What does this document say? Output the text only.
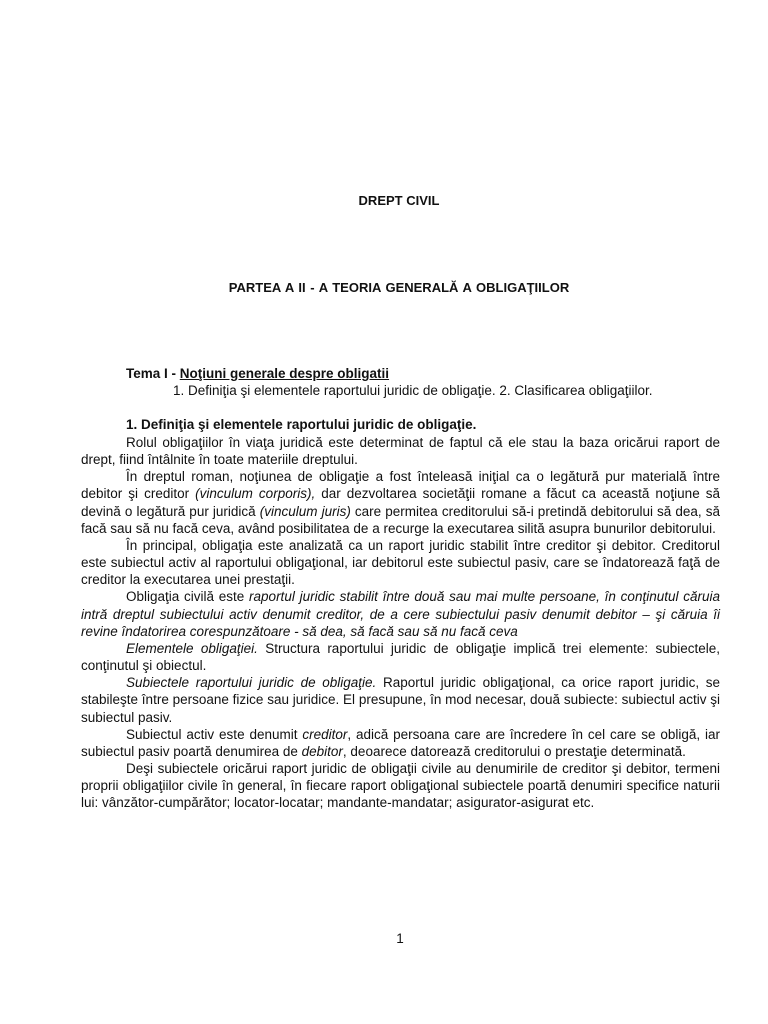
DREPT CIVIL
PARTEA A II - A TEORIA GENERALĂ A OBLIGAŢIILOR
Tema I - Noţiuni generale despre obligatii
1. Definiţia şi elementele raportului juridic de obligaţie. 2. Clasificarea obligaţiilor.
1. Definiţia şi elementele raportului juridic de obligaţie.

Rolul obligaţiilor în viaţa juridică este determinat de faptul că ele stau la baza oricărui raport de drept, fiind întâlnite în toate materiile dreptului.

În dreptul roman, noţiunea de obligaţie a fost înteleasă iniţial ca o legătură pur materială între debitor şi creditor (vinculum corporis), dar dezvoltarea societăţii romane a făcut ca această noţiune să devină o legătură pur juridică (vinculum juris) care permitea creditorului să-i pretindă debitorului să dea, să facă sau să nu facă ceva, având posibilitatea de a recurge la executarea silită asupra bunurilor debitorului.

În principal, obligaţia este analizată ca un raport juridic stabilit între creditor şi debitor. Creditorul este subiectul activ al raportului obligaţional, iar debitorul este subiectul pasiv, care se îndatorează faţă de creditor la executarea unei prestaţii.

Obligaţia civilă este raportul juridic stabilit între două sau mai multe persoane, în conţinutul căruia intră dreptul subiectului activ denumit creditor, de a cere subiectului pasiv denumit debitor – şi căruia îi revine îndatorirea corespunzătoare - să dea, să facă sau să nu facă ceva

Elementele obligaţiei. Structura raportului juridic de obligaţie implică trei elemente: subiectele, conţinutul şi obiectul.

Subiectele raportului juridic de obligaţie. Raportul juridic obligaţional, ca orice raport juridic, se stabileşte între persoane fizice sau juridice. El presupune, în mod necesar, două subiecte: subiectul activ şi subiectul pasiv.

Subiectul activ este denumit creditor, adică persoana care are încredere în cel care se obligă, iar subiectul pasiv poartă denumirea de debitor, deoarece datorează creditorului o prestaţie determinată.

Deşi subiectele oricărui raport juridic de obligaţii civile au denumirile de creditor şi debitor, termeni proprii obligaţiilor civile în general, în fiecare raport obligaţional subiectele poartă denumiri specifice naturii lui: vânzător-cumpărător; locator-locatar; mandante-mandatar; asigurator-asigurat etc.

1
